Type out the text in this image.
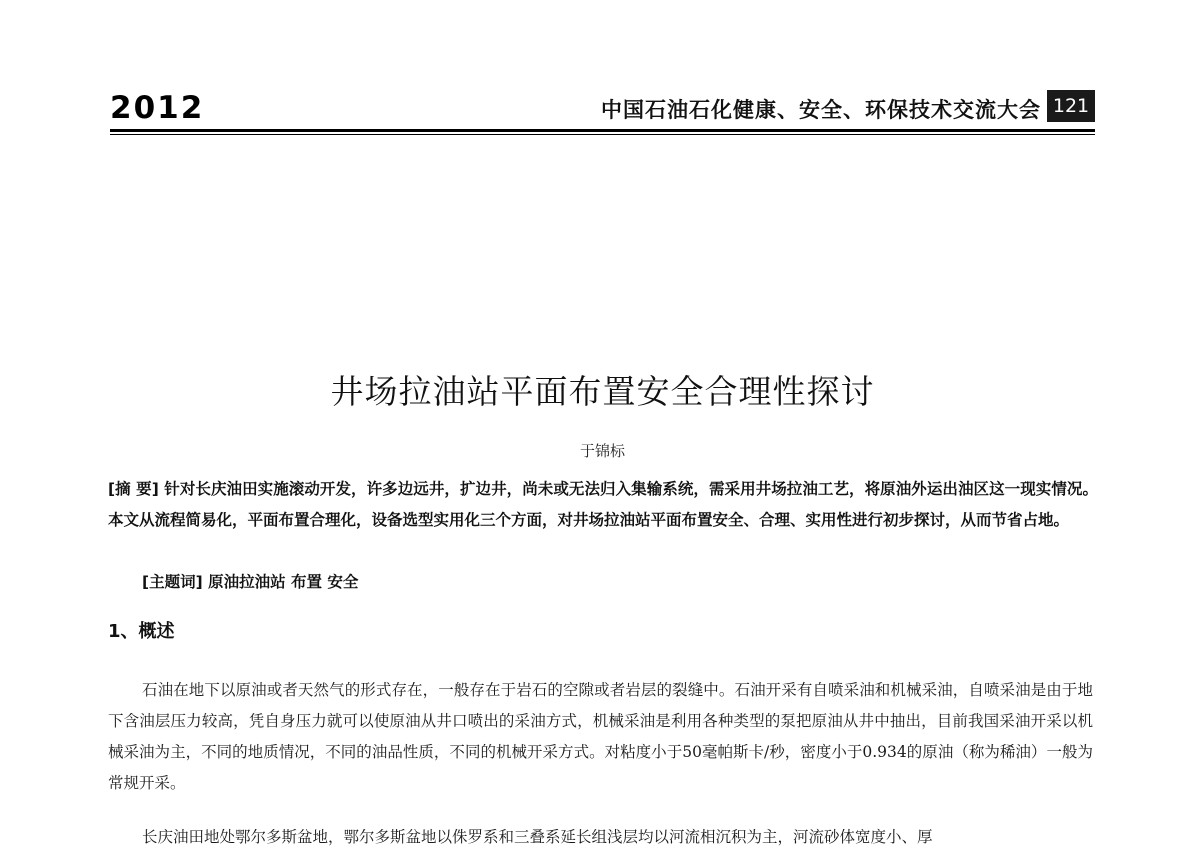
2012	中国石油石化健康、安全、环保技术交流大会 121
井场拉油站平面布置安全合理性探讨
于锦标
[摘 要] 针对长庆油田实施滚动开发，许多边远井，扩边井，尚未或无法归入集输系统，需采用井场拉油工艺，将原油外运出油区这一现实情况。本文从流程简易化，平面布置合理化，设备选型实用化三个方面，对井场拉油站平面布置安全、合理、实用性进行初步探讨，从而节省占地。
[主题词] 原油拉油站 布置 安全
1、概述
石油在地下以原油或者天然气的形式存在，一般存在于岩石的空隙或者岩层的裂缝中。石油开采有自喷采油和机械采油，自喷采油是由于地下含油层压力较高，凭自身压力就可以使原油从井口喷出的采油方式，机械采油是利用各种类型的泵把原油从井中抽出，目前我国采油开采以机械采油为主，不同的地质情况，不同的油品性质，不同的机械开采方式。对粘度小于50毫帕斯卡/秒，密度小于0.934的原油（称为稀油）一般为常规开采。
长庆油田地处鄂尔多斯盆地，鄂尔多斯盆地以侏罗系和三叠系延长组浅层均以河流相沉积为主，河流砂体宽度小、厚
